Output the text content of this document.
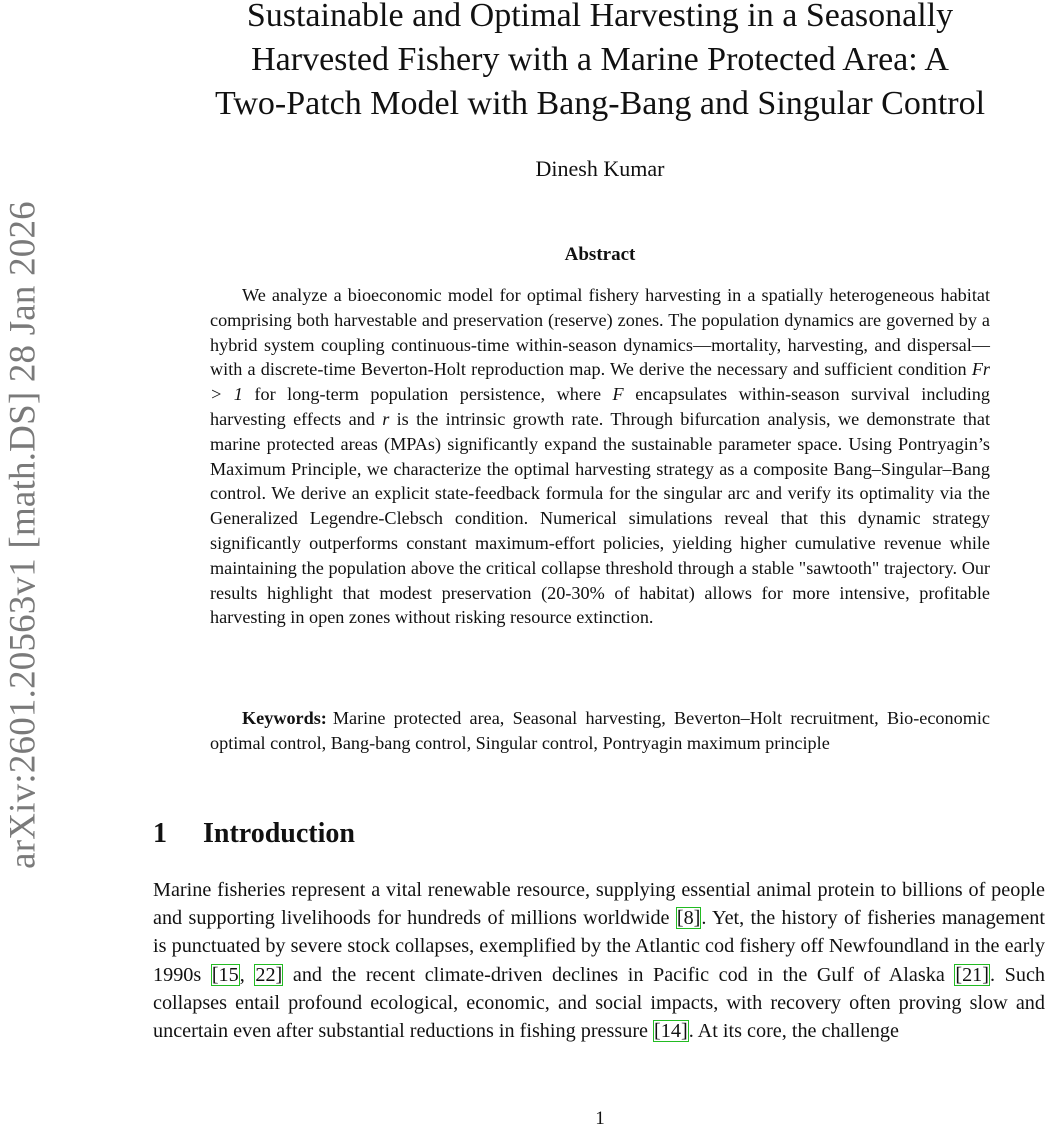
arXiv:2601.20563v1 [math.DS] 28 Jan 2026
Sustainable and Optimal Harvesting in a Seasonally
Harvested Fishery with a Marine Protected Area: A
Two-Patch Model with Bang-Bang and Singular Control
Dinesh Kumar
Abstract

We analyze a bioeconomic model for optimal fishery harvesting in a spatially heterogeneous habitat comprising both harvestable and preservation (reserve) zones. The population dynamics are governed by a hybrid system coupling continuous-time within-season dynamics—mortality, harvesting, and dispersal—with a discrete-time Beverton-Holt reproduction map. We derive the necessary and sufficient condition Fr > 1 for long-term population persistence, where F encapsulates within-season survival including harvesting effects and r is the intrinsic growth rate. Through bifurcation analysis, we demonstrate that marine protected areas (MPAs) significantly expand the sustainable parameter space. Using Pontryagin’s Maximum Principle, we characterize the optimal harvesting strategy as a composite Bang–Singular–Bang control. We derive an explicit state-feedback formula for the singular arc and verify its optimality via the Generalized Legendre-Clebsch condition. Numerical simulations reveal that this dynamic strategy significantly outperforms constant maximum-effort policies, yielding higher cumulative revenue while maintaining the population above the critical collapse threshold through a stable "sawtooth" trajectory. Our results highlight that modest preservation (20-30% of habitat) allows for more intensive, profitable harvesting in open zones without risking resource extinction.

Keywords: Marine protected area, Seasonal harvesting, Beverton–Holt recruitment, Bio-economic optimal control, Bang-bang control, Singular control, Pontryagin maximum principle

1 Introduction

Marine fisheries represent a vital renewable resource, supplying essential animal protein to billions of people and supporting livelihoods for hundreds of millions worldwide [8]. Yet, the history of fisheries management is punctuated by severe stock collapses, exemplified by the Atlantic cod fishery off Newfoundland in the early 1990s [15, 22] and the recent climate-driven declines in Pacific cod in the Gulf of Alaska [21]. Such collapses entail profound ecological, economic, and social impacts, with recovery often proving slow and uncertain even after substantial reductions in fishing pressure [14]. At its core, the challenge

1
